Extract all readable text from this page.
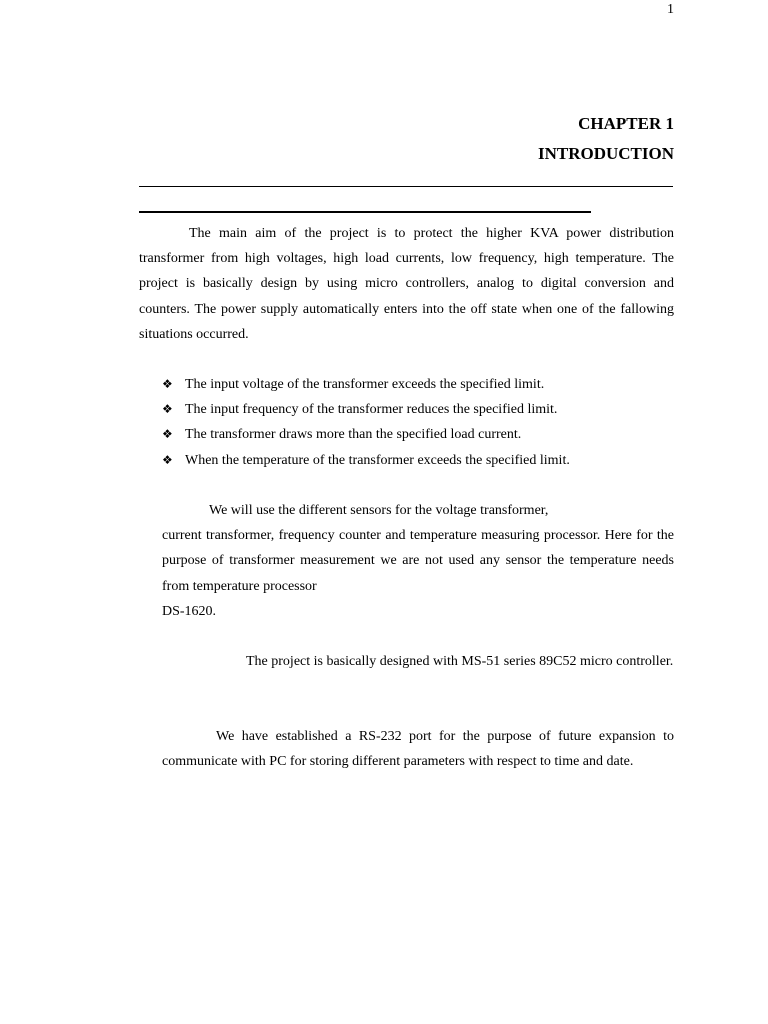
1
CHAPTER 1
INTRODUCTION

The main aim of the project is to protect the higher KVA power distribution transformer from high voltages, high load currents, low frequency, high temperature. The project is basically design by using micro controllers, analog to digital conversion and counters. The power supply automatically enters into the off state when one of the fallowing situations occurred.

❖ The input voltage of the transformer exceeds the specified limit.
❖ The input frequency of the transformer reduces the specified limit.
❖ The transformer draws more than the specified load current.
❖ When the temperature of the transformer exceeds the specified limit.
We will use the different sensors for the voltage transformer,
current transformer, frequency counter and temperature measuring processor. Here for the purpose of transformer measurement we are not used any sensor the temperature needs from temperature processor
DS-1620.

The project is basically designed with MS-51 series 89C52 micro controller.

We have established a RS-232 port for the purpose of future expansion to communicate with PC for storing different parameters with respect to time and date.
